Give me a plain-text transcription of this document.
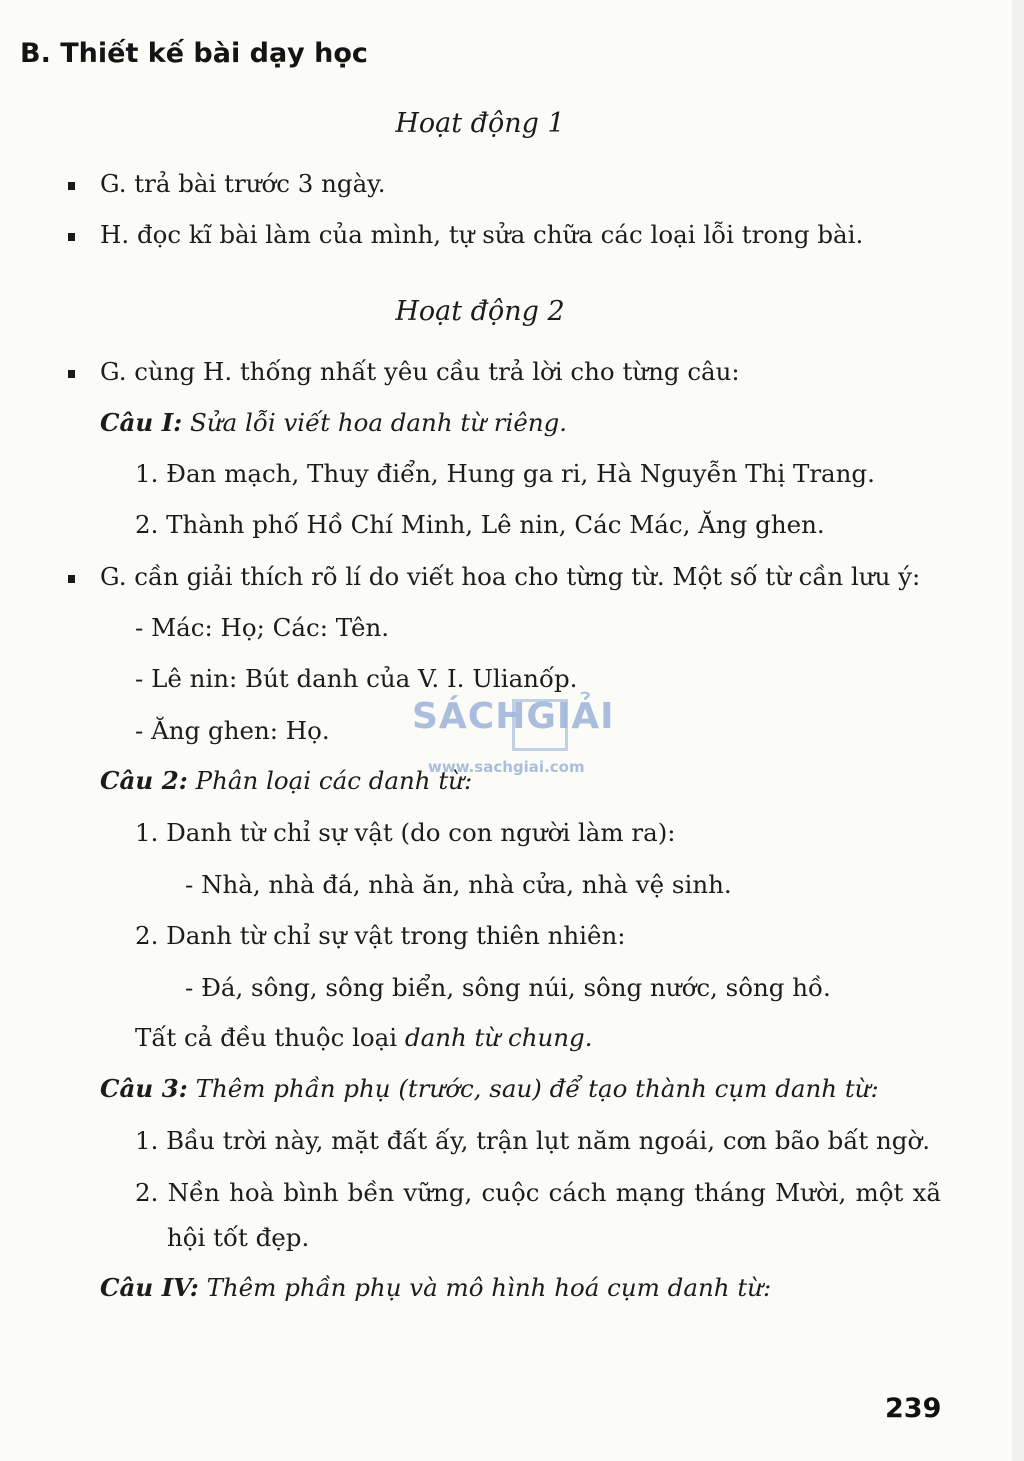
B. Thiết kế bài dạy học
Hoạt động 1
G. trả bài trước 3 ngày.
H. đọc kĩ bài làm của mình, tự sửa chữa các loại lỗi trong bài.
Hoạt động 2
G. cùng H. thống nhất yêu cầu trả lời cho từng câu:
Câu I: Sửa lỗi viết hoa danh từ riêng.
1. Đan mạch, Thuy điển, Hung ga ri, Hà Nguyễn Thị Trang.
2. Thành phố Hồ Chí Minh, Lê nin, Các Mác, Ăng ghen.
G. cần giải thích rõ lí do viết hoa cho từng từ. Một số từ cần lưu ý:
- Mác: Họ; Các: Tên.
- Lê nin: Bút danh của V. I. Ulianốp.
- Ăng ghen: Họ.
Câu 2: Phân loại các danh từ:
1. Danh từ chỉ sự vật (do con người làm ra):
- Nhà, nhà đá, nhà ăn, nhà cửa, nhà vệ sinh.
2. Danh từ chỉ sự vật trong thiên nhiên:
- Đá, sông, sông biển, sông núi, sông nước, sông hồ.
Tất cả đều thuộc loại danh từ chung.
Câu 3: Thêm phần phụ (trước, sau) để tạo thành cụm danh từ:
1. Bầu trời này, mặt đất ấy, trận lụt năm ngoái, cơn bão bất ngờ.
2. Nền hoà bình bền vững, cuộc cách mạng tháng Mười, một xã
hội tốt đẹp.
Câu IV: Thêm phần phụ và mô hình hoá cụm danh từ:
SÁCHGIẢI
www.sachgiai.com
239
